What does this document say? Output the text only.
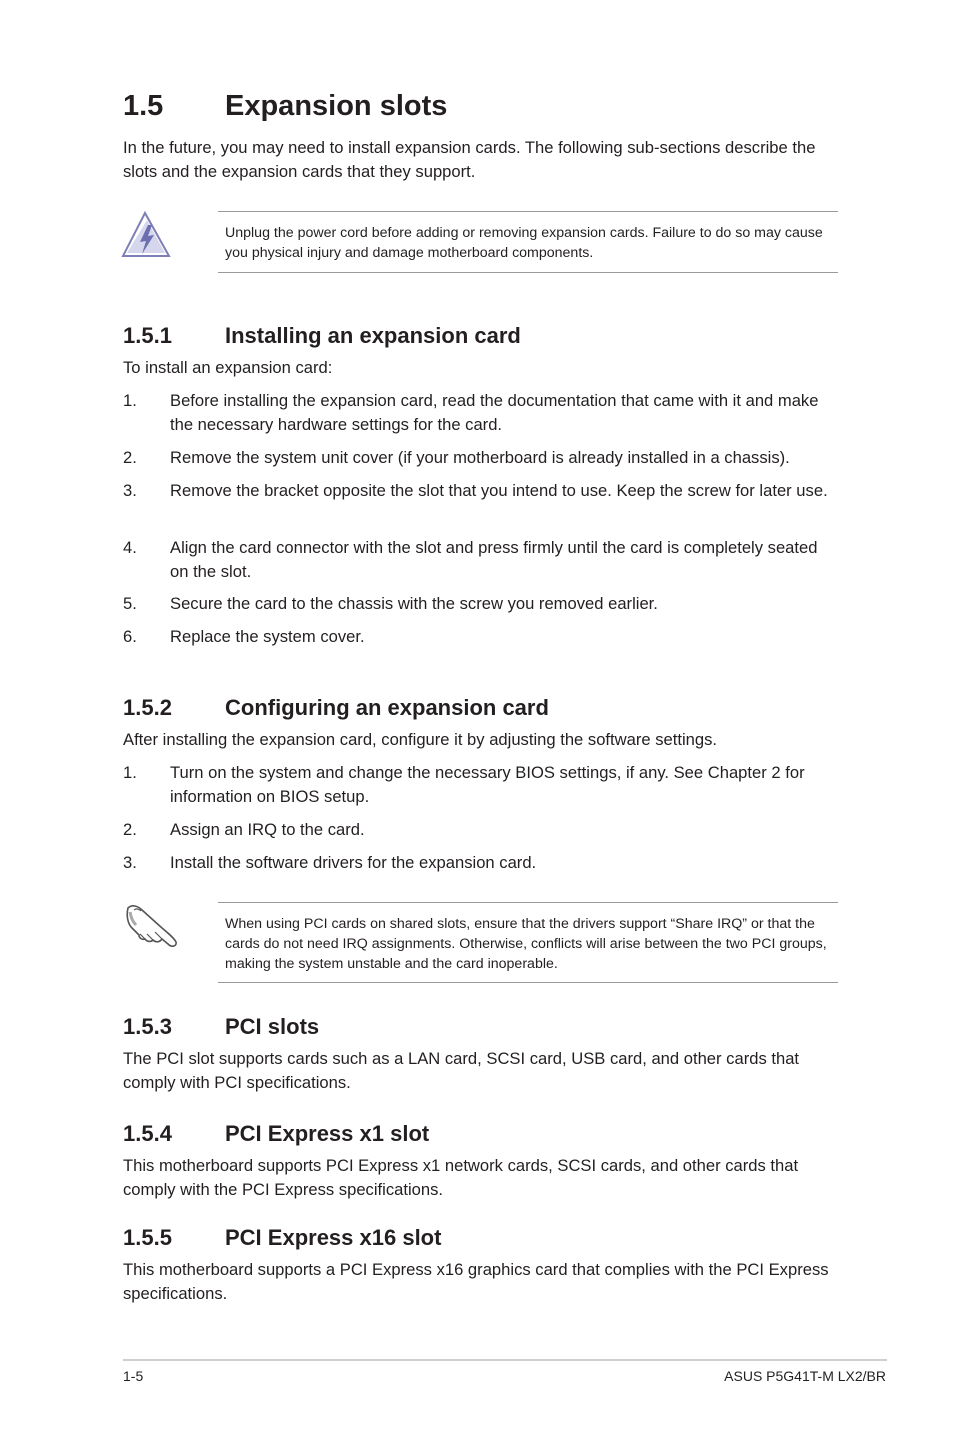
1.5 Expansion slots
In the future, you may need to install expansion cards. The following sub-sections describe the slots and the expansion cards that they support.
Unplug the power cord before adding or removing expansion cards. Failure to do so may cause you physical injury and damage motherboard components.
1.5.1 Installing an expansion card
To install an expansion card:
1. Before installing the expansion card, read the documentation that came with it and make the necessary hardware settings for the card.
2. Remove the system unit cover (if your motherboard is already installed in a chassis).
3. Remove the bracket opposite the slot that you intend to use. Keep the screw for later use.
4. Align the card connector with the slot and press firmly until the card is completely seated on the slot.
5. Secure the card to the chassis with the screw you removed earlier.
6. Replace the system cover.
1.5.2 Configuring an expansion card
After installing the expansion card, configure it by adjusting the software settings.
1. Turn on the system and change the necessary BIOS settings, if any. See Chapter 2 for information on BIOS setup.
2. Assign an IRQ to the card.
3. Install the software drivers for the expansion card.
When using PCI cards on shared slots, ensure that the drivers support “Share IRQ” or that the cards do not need IRQ assignments. Otherwise, conflicts will arise between the two PCI groups, making the system unstable and the card inoperable.
1.5.3 PCI slots
The PCI slot supports cards such as a LAN card, SCSI card, USB card, and other cards that comply with PCI specifications.
1.5.4 PCI Express x1 slot
This motherboard supports PCI Express x1 network cards, SCSI cards, and other cards that comply with the PCI Express specifications.
1.5.5 PCI Express x16 slot
This motherboard supports a PCI Express x16 graphics card that complies with the PCI Express specifications.
1-5	ASUS P5G41T-M LX2/BR
